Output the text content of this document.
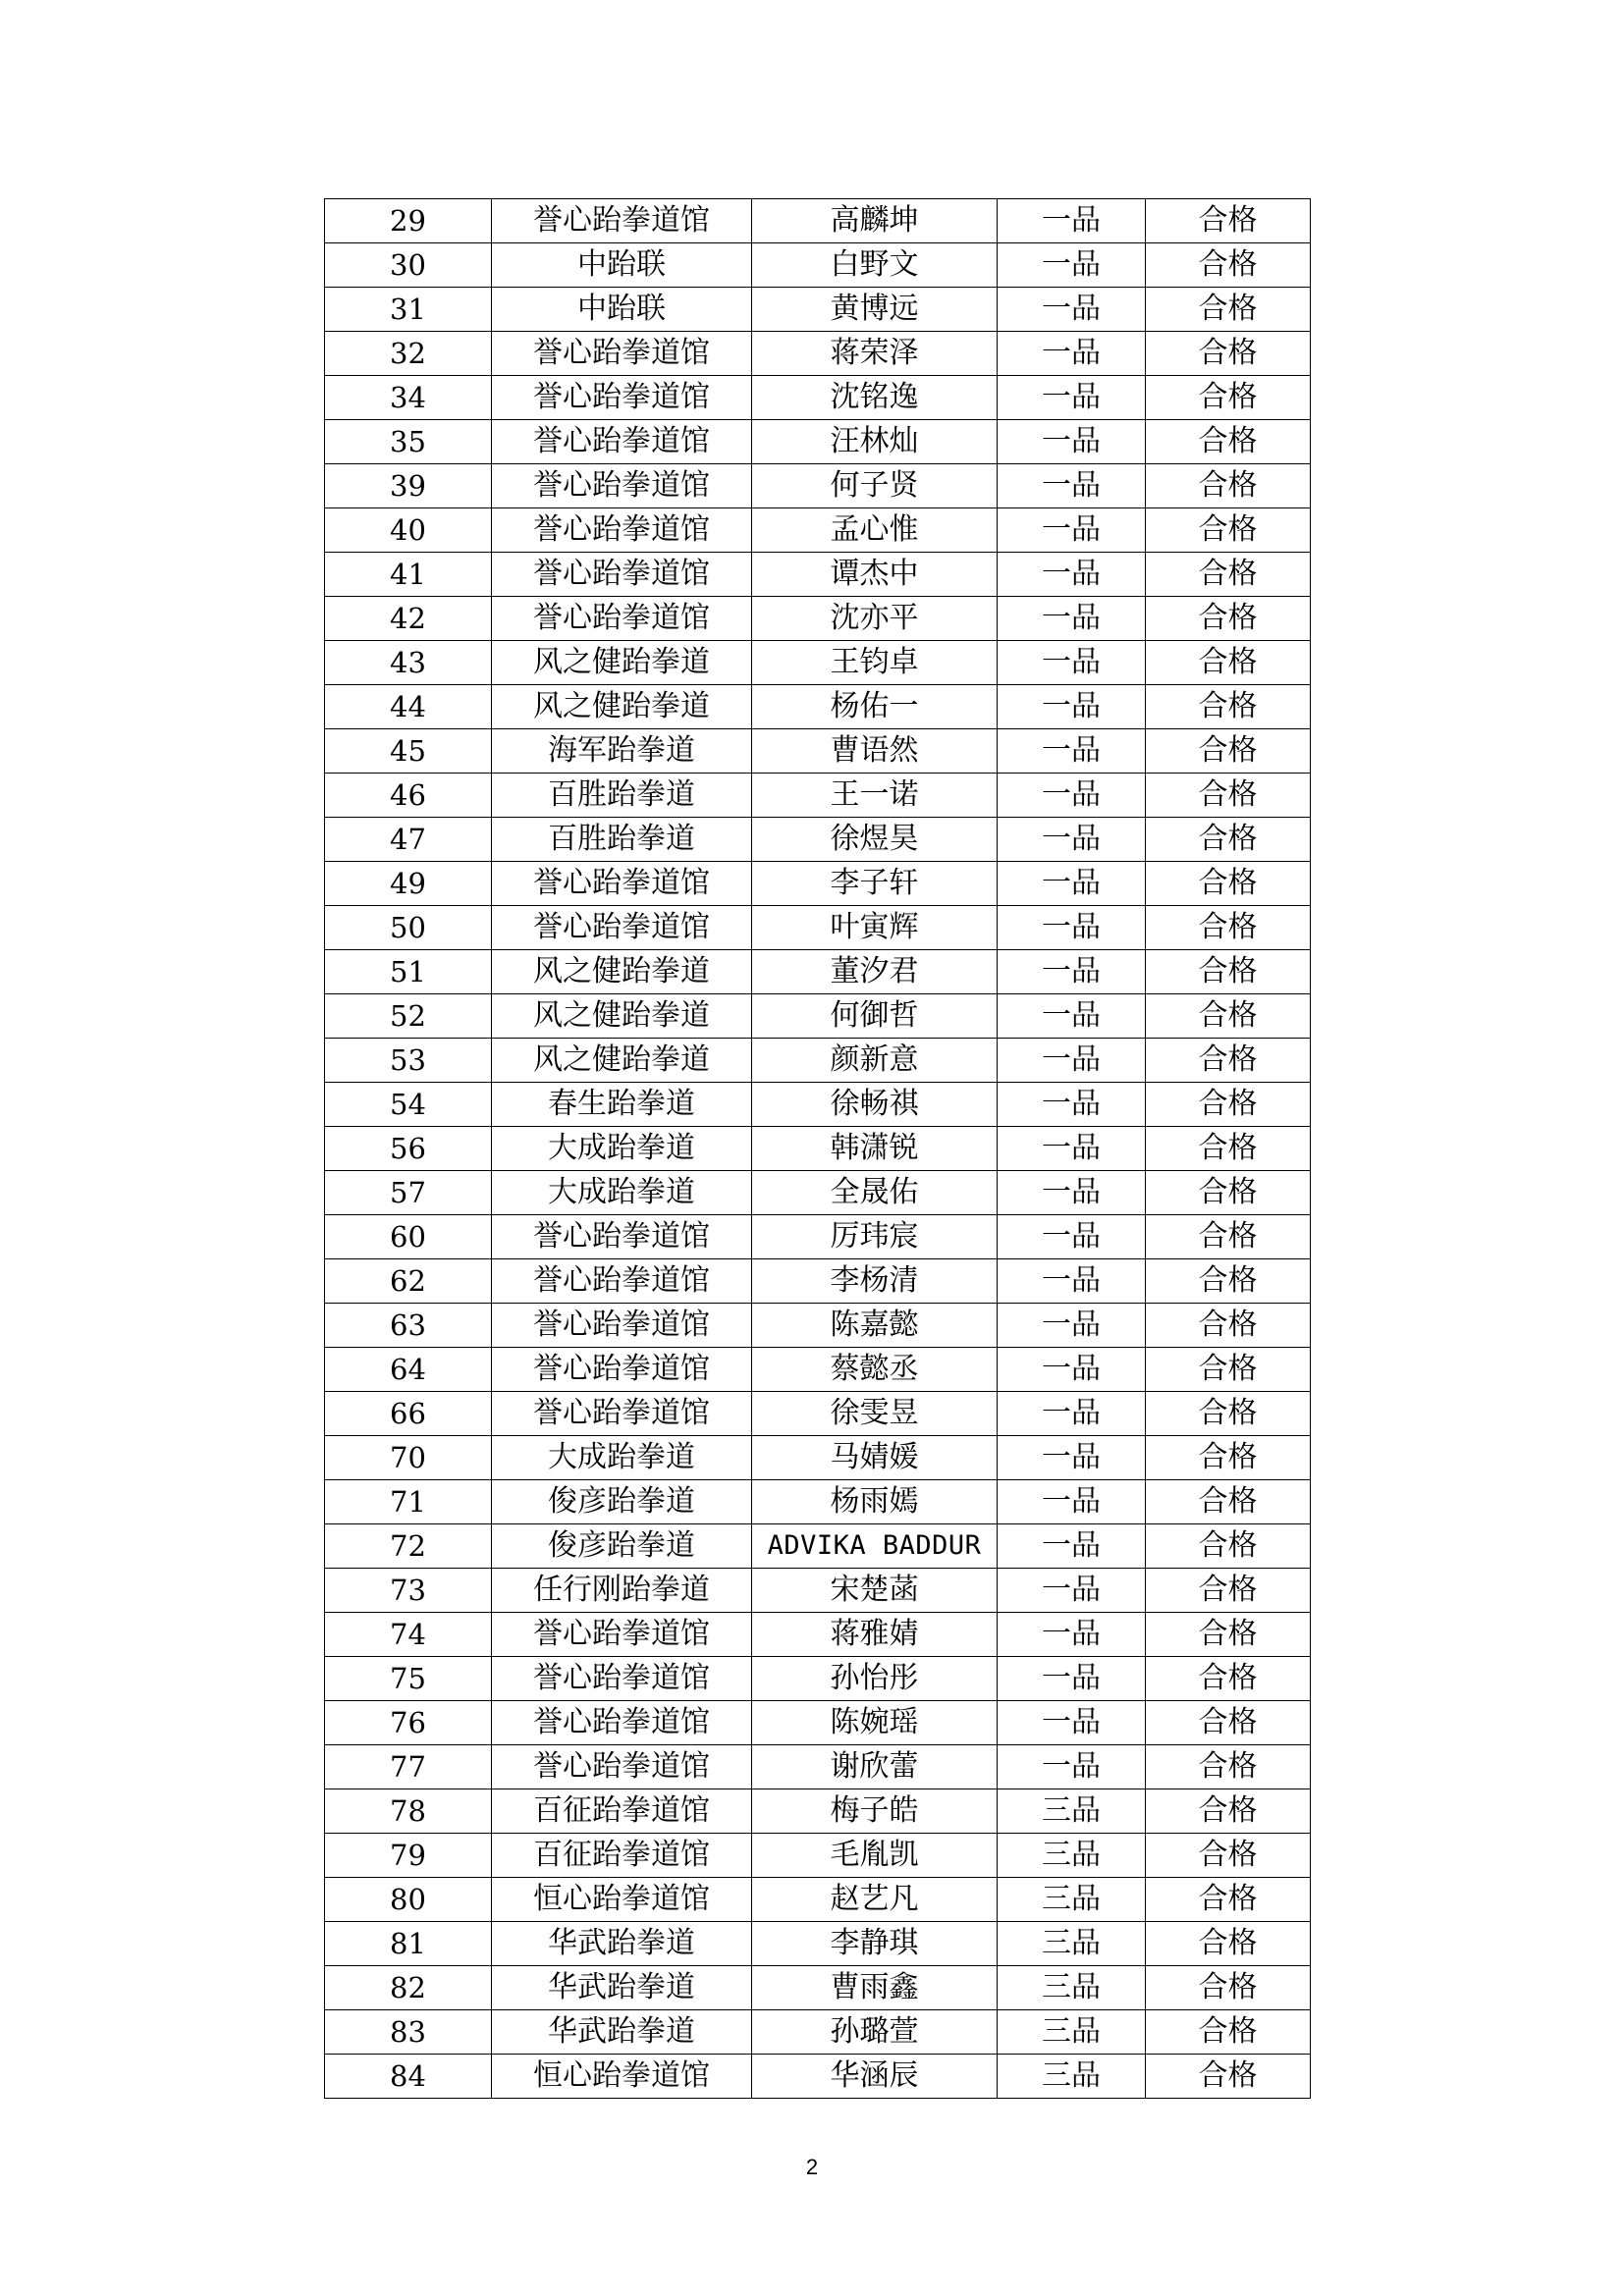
29	誉心跆拳道馆	高麟坤	一品	合格
30	中跆联	白野文	一品	合格
31	中跆联	黄博远	一品	合格
32	誉心跆拳道馆	蒋荣泽	一品	合格
34	誉心跆拳道馆	沈铭逸	一品	合格
35	誉心跆拳道馆	汪林灿	一品	合格
39	誉心跆拳道馆	何子贤	一品	合格
40	誉心跆拳道馆	孟心惟	一品	合格
41	誉心跆拳道馆	谭杰中	一品	合格
42	誉心跆拳道馆	沈亦平	一品	合格
43	风之健跆拳道	王钧卓	一品	合格
44	风之健跆拳道	杨佑一	一品	合格
45	海军跆拳道	曹语然	一品	合格
46	百胜跆拳道	王一诺	一品	合格
47	百胜跆拳道	徐煜昊	一品	合格
49	誉心跆拳道馆	李子轩	一品	合格
50	誉心跆拳道馆	叶寅辉	一品	合格
51	风之健跆拳道	董汐君	一品	合格
52	风之健跆拳道	何御哲	一品	合格
53	风之健跆拳道	颜新意	一品	合格
54	春生跆拳道	徐畅祺	一品	合格
56	大成跆拳道	韩潇锐	一品	合格
57	大成跆拳道	全晟佑	一品	合格
60	誉心跆拳道馆	厉玮宸	一品	合格
62	誉心跆拳道馆	李杨清	一品	合格
63	誉心跆拳道馆	陈嘉懿	一品	合格
64	誉心跆拳道馆	蔡懿丞	一品	合格
66	誉心跆拳道馆	徐雯昱	一品	合格
70	大成跆拳道	马婧媛	一品	合格
71	俊彦跆拳道	杨雨嫣	一品	合格
72	俊彦跆拳道	ADVIKA BADDUR	一品	合格
73	任行刚跆拳道	宋楚菡	一品	合格
74	誉心跆拳道馆	蒋雅婧	一品	合格
75	誉心跆拳道馆	孙怡彤	一品	合格
76	誉心跆拳道馆	陈婉瑶	一品	合格
77	誉心跆拳道馆	谢欣蕾	一品	合格
78	百征跆拳道馆	梅子皓	三品	合格
79	百征跆拳道馆	毛胤凯	三品	合格
80	恒心跆拳道馆	赵艺凡	三品	合格
81	华武跆拳道	李静琪	三品	合格
82	华武跆拳道	曹雨鑫	三品	合格
83	华武跆拳道	孙璐萱	三品	合格
84	恒心跆拳道馆	华涵辰	三品	合格
2
